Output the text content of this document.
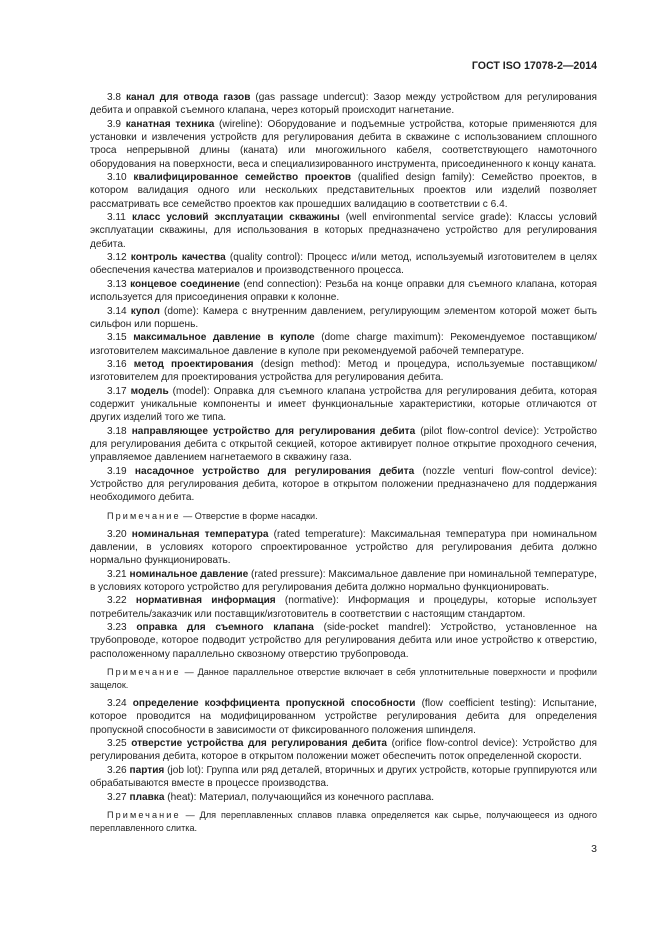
ГОСТ ISO 17078-2—2014

3.8 канал для отвода газов (gas passage undercut): Зазор между устройством для регулирования дебита и оправкой съемного клапана, через который происходит нагнетание.

3.9 канатная техника (wireline): Оборудование и подъемные устройства, которые применяются для установки и извлечения устройств для регулирования дебита в скважине с использованием сплошного троса непрерывной длины (каната) или многожильного кабеля, соответствующего намоточного оборудования на поверхности, веса и специализированного инструмента, присоединенного к концу каната.

3.10 квалифицированное семейство проектов (qualified design family): Семейство проектов, в котором валидация одного или нескольких представительных проектов или изделий позволяет рассматривать все семейство проектов как прошедших валидацию в соответствии с 6.4.

3.11 класс условий эксплуатации скважины (well environmental service grade): Классы условий эксплуатации скважины, для использования в которых предназначено устройство для регулирования дебита.

3.12 контроль качества (quality control): Процесс и/или метод, используемый изготовителем в целях обеспечения качества материалов и производственного процесса.

3.13 концевое соединение (end connection): Резьба на конце оправки для съемного клапана, которая используется для присоединения оправки к колонне.

3.14 купол (dome): Камера с внутренним давлением, регулирующим элементом которой может быть сильфон или поршень.

3.15 максимальное давление в куполе (dome charge maximum): Рекомендуемое поставщиком/изготовителем максимальное давление в куполе при рекомендуемой рабочей температуре.

3.16 метод проектирования (design method): Метод и процедура, используемые поставщиком/изготовителем для проектирования устройства для регулирования дебита.

3.17 модель (model): Оправка для съемного клапана устройства для регулирования дебита, которая содержит уникальные компоненты и имеет функциональные характеристики, которые отличаются от других изделий того же типа.

3.18 направляющее устройство для регулирования дебита (pilot flow-control device): Устройство для регулирования дебита с открытой секцией, которое активирует полное открытие проходного сечения, управляемое давлением нагнетаемого в скважину газа.

3.19 насадочное устройство для регулирования дебита (nozzle venturi flow-control device): Устройство для регулирования дебита, которое в открытом положении предназначено для поддержания необходимого дебита.

Примечание — Отверстие в форме насадки.

3.20 номинальная температура (rated temperature): Максимальная температура при номинальном давлении, в условиях которого спроектированное устройство для регулирования дебита должно нормально функционировать.

3.21 номинальное давление (rated pressure): Максимальное давление при номинальной температуре, в условиях которого устройство для регулирования дебита должно нормально функционировать.

3.22 нормативная информация (normative): Информация и процедуры, которые использует потребитель/заказчик или поставщик/изготовитель в соответствии с настоящим стандартом.

3.23 оправка для съемного клапана (side-pocket mandrel): Устройство, установленное на трубопроводе, которое подводит устройство для регулирования дебита или иное устройство к отверстию, расположенному параллельно сквозному отверстию трубопровода.

Примечание — Данное параллельное отверстие включает в себя уплотнительные поверхности и профили защелок.

3.24 определение коэффициента пропускной способности (flow coefficient testing): Испытание, которое проводится на модифицированном устройстве регулирования дебита для определения пропускной способности в зависимости от фиксированного положения шпинделя.

3.25 отверстие устройства для регулирования дебита (orifice flow-control device): Устройство для регулирования дебита, которое в открытом положении может обеспечить поток определенной скорости.

3.26 партия (job lot): Группа или ряд деталей, вторичных и других устройств, которые группируются или обрабатываются вместе в процессе производства.

3.27 плавка (heat): Материал, получающийся из конечного расплава.

Примечание — Для переплавленных сплавов плавка определяется как сырье, получающееся из одного переплавленного слитка.

3
